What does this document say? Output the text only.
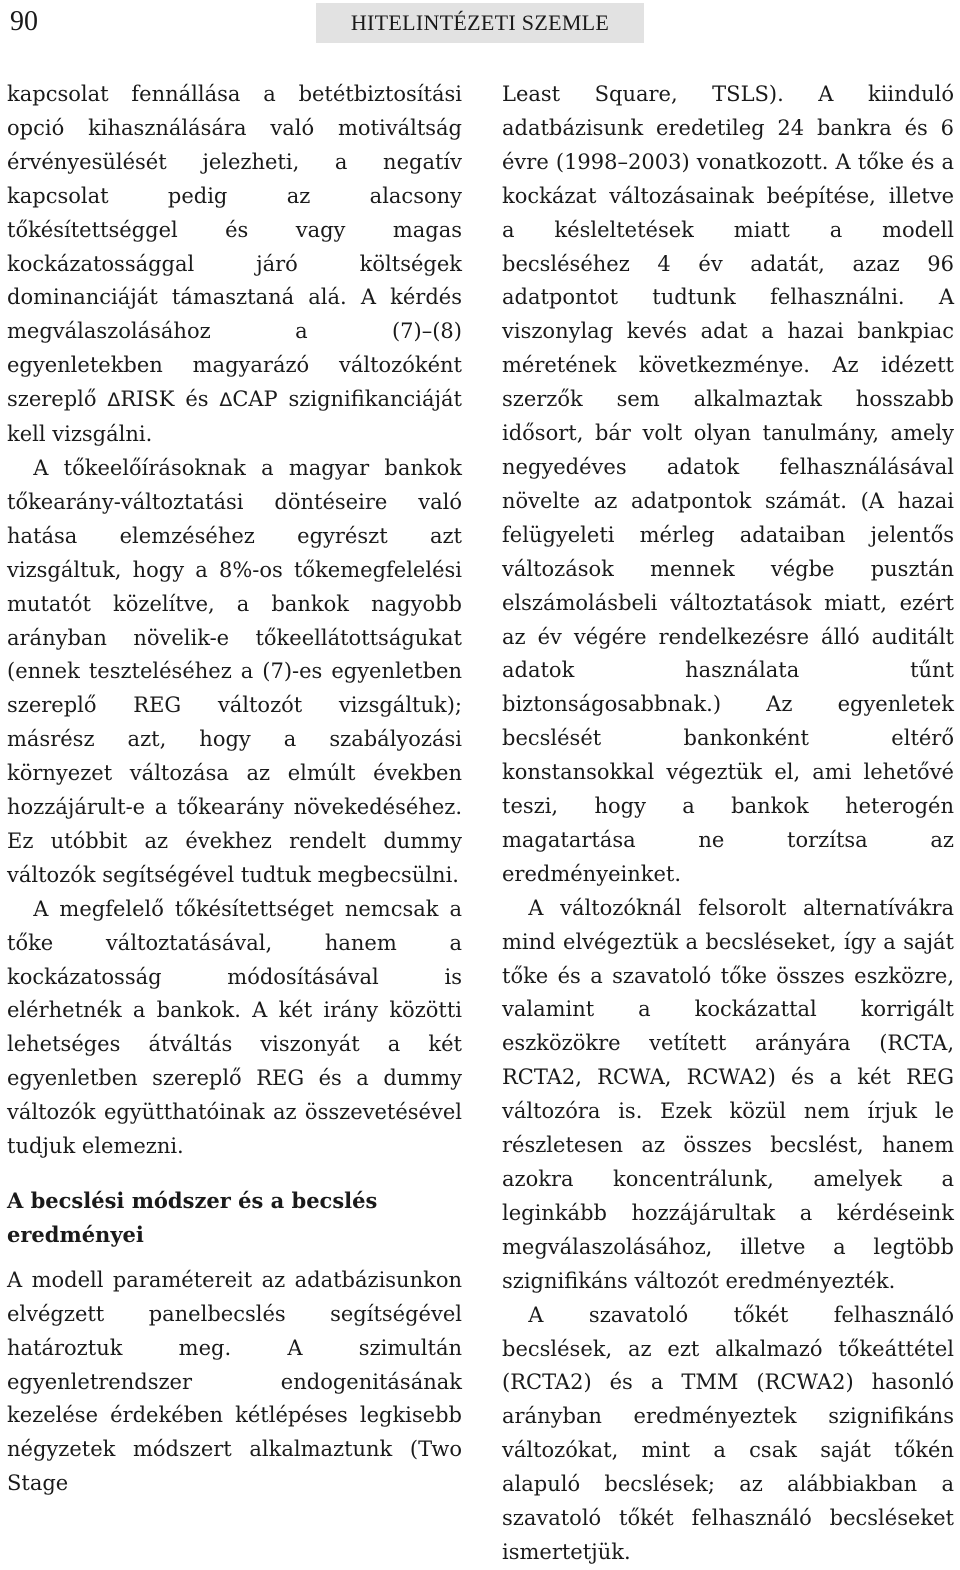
90	HITELINTÉZETI SZEMLE

kapcsolat fennállása a betétbiztosítási opció kihasználására való motiváltság érvényesülését jelezheti, a negatív kapcsolat pedig az alacsony tőkésítettséggel és vagy magas kockázatossággal járó költségek dominanciáját támasztaná alá. A kérdés megválaszolásához a (7)–(8) egyenletekben magyarázó változóként szereplő ΔRISK és ΔCAP szignifikanciáját kell vizsgálni.

A tőkeelőírásoknak a magyar bankok tőkearány-változtatási döntéseire való hatása elemzéséhez egyrészt azt vizsgáltuk, hogy a 8%-os tőkemegfelelési mutatót közelítve, a bankok nagyobb arányban növelik-e tőkeellátottságukat (ennek teszteléséhez a (7)-es egyenletben szereplő REG változót vizsgáltuk); másrész azt, hogy a szabályozási környezet változása az elmúlt években hozzájárult-e a tőkearány növekedéséhez. Ez utóbbit az évekhez rendelt dummy változók segítségével tudtuk megbecsülni.

A megfelelő tőkésítettséget nemcsak a tőke változtatásával, hanem a kockázatosság módosításával is elérhetnék a bankok. A két irány közötti lehetséges átváltás viszonyát a két egyenletben szereplő REG és a dummy változók együtthatóinak az összevetésével tudjuk elemezni.

A becslési módszer és a becslés eredményei

A modell paramétereit az adatbázisunkon elvégzett panelbecslés segítségével határoztuk meg. A szimultán egyenletrendszer endogenitásának kezelése érdekében kétlépéses legkisebb négyzetek módszert alkalmaztunk (Two Stage

Least Square, TSLS). A kiinduló adatbázisunk eredetileg 24 bankra és 6 évre (1998–2003) vonatkozott. A tőke és a kockázat változásainak beépítése, illetve a késleltetések miatt a modell becsléséhez 4 év adatát, azaz 96 adatpontot tudtunk felhasználni. A viszonylag kevés adat a hazai bankpiac méretének következménye. Az idézett szerzők sem alkalmaztak hosszabb idősort, bár volt olyan tanulmány, amely negyedéves adatok felhasználásával növelte az adatpontok számát. (A hazai felügyeleti mérleg adataiban jelentős változások mennek végbe pusztán elszámolásbeli változtatások miatt, ezért az év végére rendelkezésre álló auditált adatok használata tűnt biztonságosabbnak.) Az egyenletek becslését bankonként eltérő konstansokkal végeztük el, ami lehetővé teszi, hogy a bankok heterogén magatartása ne torzítsa az eredményeinket.

A változóknál felsorolt alternatívákra mind elvégeztük a becsléseket, így a saját tőke és a szavatoló tőke összes eszközre, valamint a kockázattal korrigált eszközökre vetített arányára (RCTA, RCTA2, RCWA, RCWA2) és a két REG változóra is. Ezek közül nem írjuk le részletesen az összes becslést, hanem azokra koncentrálunk, amelyek a leginkább hozzájárultak a kérdéseink megválaszolásához, illetve a legtöbb szignifikáns változót eredményezték.

A szavatoló tőkét felhasználó becslések, az ezt alkalmazó tőkeáttétel (RCTA2) és a TMM (RCWA2) hasonló arányban eredményeztek szignifikáns változókat, mint a csak saját tőkén alapuló becslések; az alábbiakban a szavatoló tőkét felhasználó becsléseket ismertetjük.
